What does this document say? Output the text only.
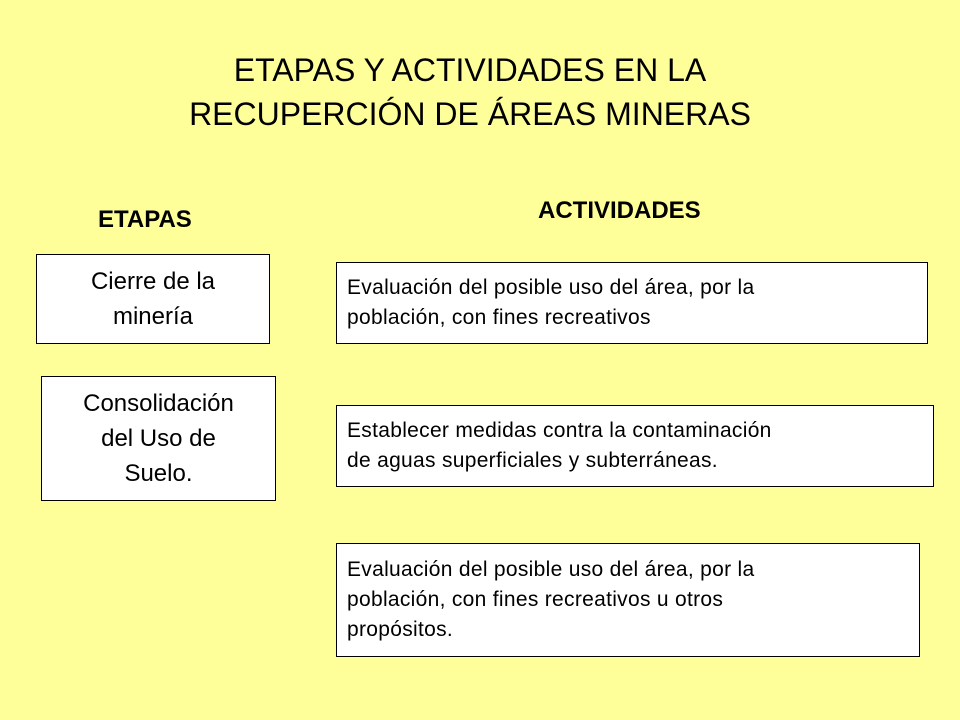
ETAPAS Y ACTIVIDADES EN LA
RECUPERCIÓN DE ÁREAS MINERAS
ETAPAS	ACTIVIDADES
Cierre de la
minería
Consolidación
del Uso de
Suelo.
Evaluación del posible uso del área, por la
población, con fines recreativos
Establecer medidas contra la contaminación
de aguas superficiales y subterráneas.
Evaluación del posible uso del área, por la
población, con fines recreativos u otros
propósitos.
